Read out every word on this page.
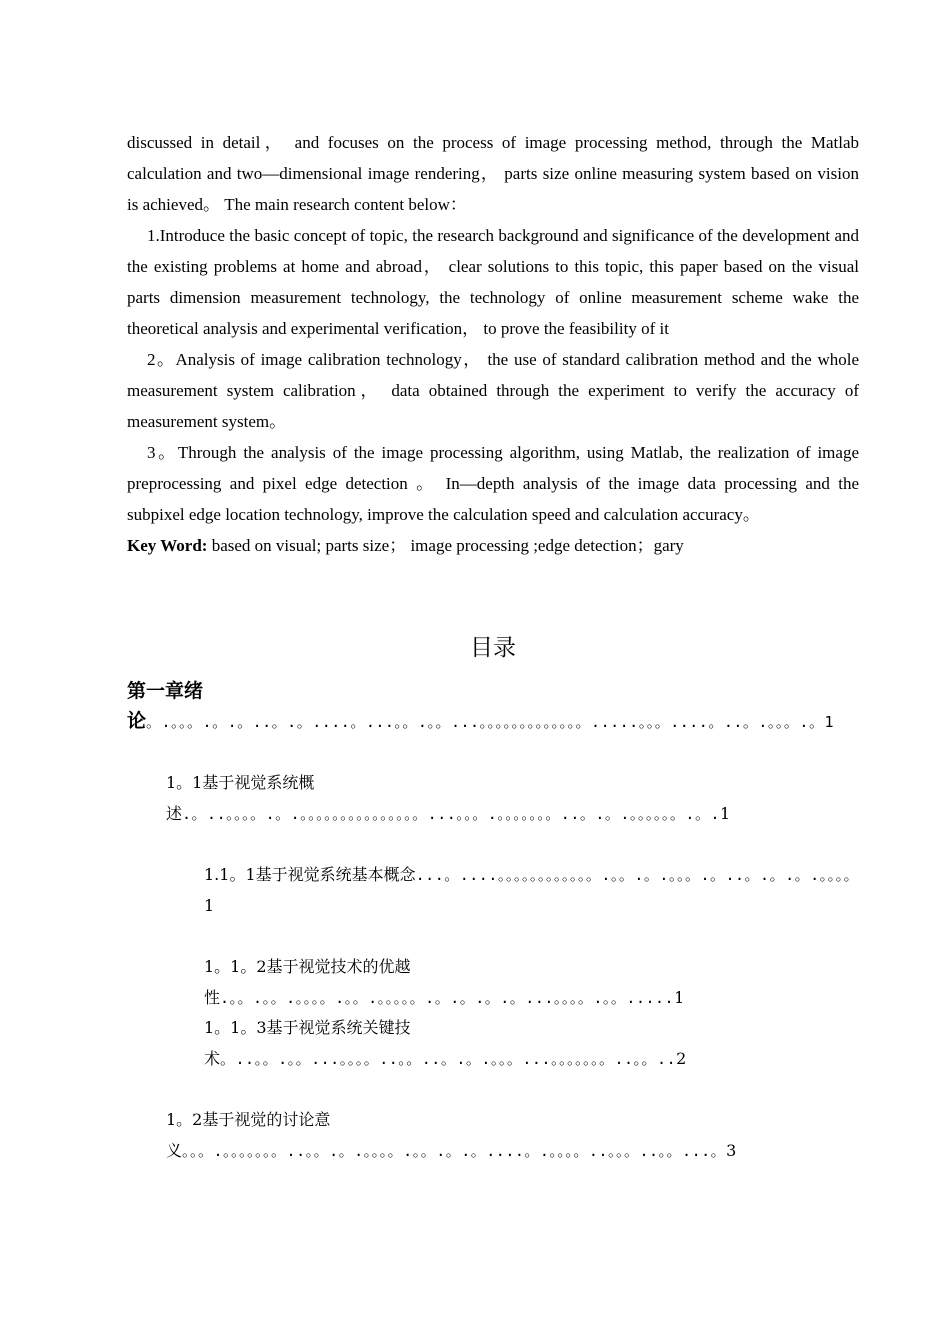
discussed in detail， and focuses on the process of image processing method, through the Matlab calculation and two—dimensional image rendering， parts size online measuring system based on vision is achieved。 The main research content below：

1.Introduce the basic concept of topic, the research background and significance of the development and the existing problems at home and abroad， clear solutions to this topic, this paper based on the visual parts dimension measurement technology, the technology of online measurement scheme wake the theoretical analysis and experimental verification， to prove the feasibility of it

2。Analysis of image calibration technology， the use of standard calibration method and the whole measurement system calibration， data obtained through the experiment to verify the accuracy of measurement system。

3。Through the analysis of the image processing algorithm, using Matlab, the realization of image preprocessing and pixel edge detection 。 In—depth analysis of the image data processing and the subpixel edge location technology, improve the calculation speed and calculation accuracy。

Key Word: based on visual; parts size； image processing ;edge detection；gary

目录

第一章绪论。.。。。.。.。..。.。....。...。。.。。...。。。。。。。。。。。。。.....。。。....。..。.。。。.。1

1。1基于视觉系统概述.。..。。。。.。.。。。。。。。。。。。。。。。...。。。.。。。。。。。..。.。.。。。。。。.。.1

1.1。1基于视觉系统基本概念...。....。。。。。。。。。。。。.。。.。.。。。.。..。.。.。.。。。。1

1。1。2基于视觉技术的优越性.。。.。。.。。。。.。。.。。。。。.。.。.。.。...。。。。.。。.....1

1。1。3基于视觉系统关键技术。..。。.。。...。。。。..。。..。.。.。。。...。。。。。。。..。。..2

1。2基于视觉的讨论意义。。。.。。。。。。。..。。.。.。。。。.。。.。.。....。.。。。。..。。。..。。...。3
